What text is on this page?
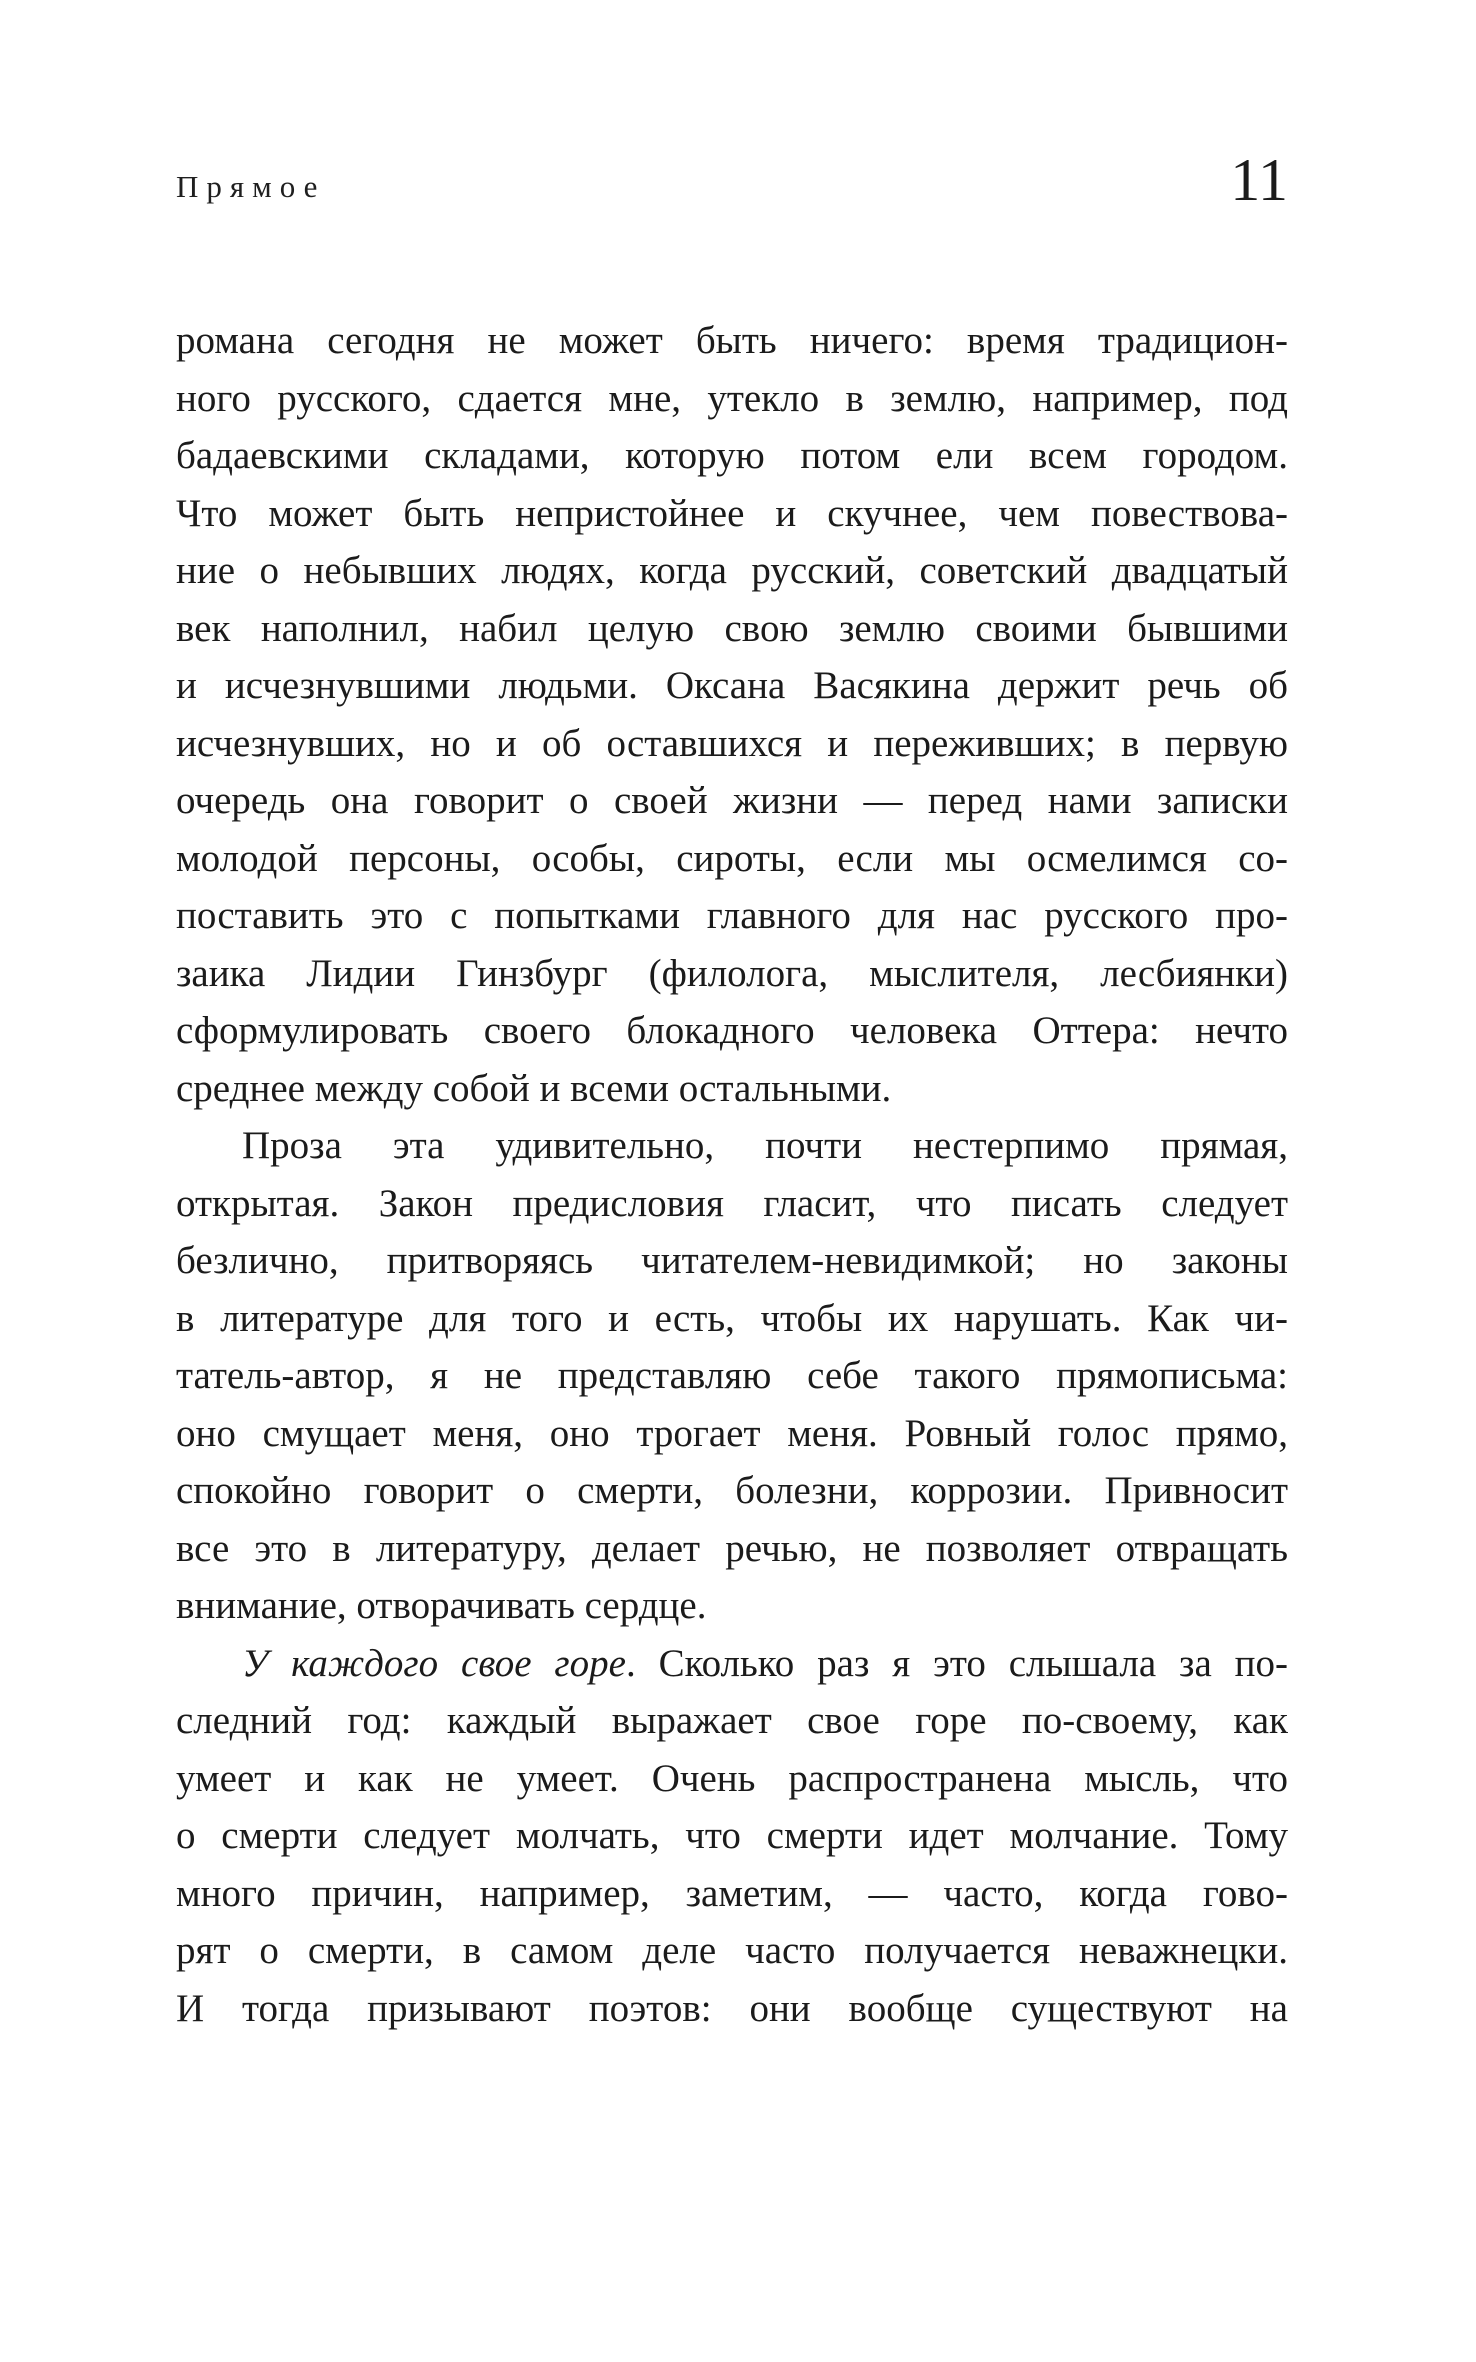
Прямое	11
романа сегодня не может быть ничего: время традицион-
ного русского, сдается мне, утекло в землю, например, под
бадаевскими складами, которую потом ели всем городом.
Что может быть непристойнее и скучнее, чем повествова-
ние о небывших людях, когда русский, советский двадцатый
век наполнил, набил целую свою землю своими бывшими
и исчезнувшими людьми. Оксана Васякина держит речь об
исчезнувших, но и об оставшихся и переживших; в первую
очередь она говорит о своей жизни — перед нами записки
молодой персоны, особы, сироты, если мы осмелимся со-
поставить это с попытками главного для нас русского про-
заика Лидии Гинзбург (филолога, мыслителя, лесбиянки)
сформулировать своего блокадного человека Оттера: нечто
среднее между собой и всеми остальными.
Проза эта удивительно, почти нестерпимо прямая,
открытая. Закон предисловия гласит, что писать следует
безлично, притворяясь читателем-невидимкой; но законы
в литературе для того и есть, чтобы их нарушать. Как чи-
татель-автор, я не представляю себе такого прямописьма:
оно смущает меня, оно трогает меня. Ровный голос прямо,
спокойно говорит о смерти, болезни, коррозии. Привносит
все это в литературу, делает речью, не позволяет отвращать
внимание, отворачивать сердце.
У каждого свое горе. Сколько раз я это слышала за по-
следний год: каждый выражает свое горе по-своему, как
умеет и как не умеет. Очень распространена мысль, что
о смерти следует молчать, что смерти идет молчание. Тому
много причин, например, заметим, — часто, когда гово-
рят о смерти, в самом деле часто получается неважнецки.
И тогда призывают поэтов: они вообще существуют на
